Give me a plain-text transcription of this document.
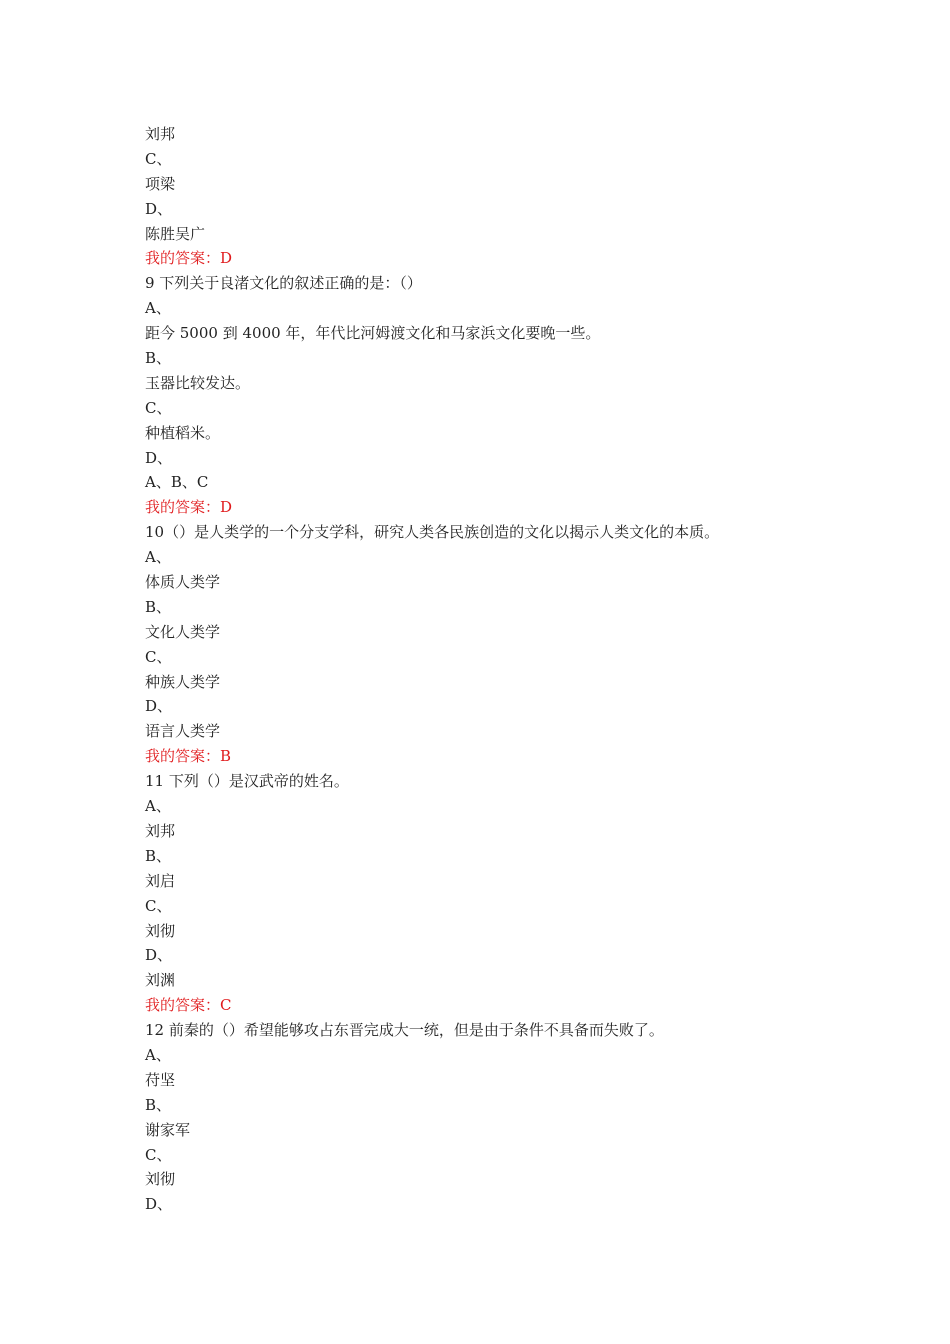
刘邦
C、
项梁
D、
陈胜吴广
我的答案：D
9 下列关于良渚文化的叙述正确的是：（）
A、
距今 5000 到 4000 年，年代比河姆渡文化和马家浜文化要晚一些。
B、
玉器比较发达。
C、
种植稻米。
D、
A、B、C
我的答案：D
10（）是人类学的一个分支学科，研究人类各民族创造的文化以揭示人类文化的本质。
A、
体质人类学
B、
文化人类学
C、
种族人类学
D、
语言人类学
我的答案：B
11 下列（）是汉武帝的姓名。
A、
刘邦
B、
刘启
C、
刘彻
D、
刘渊
我的答案：C
12 前秦的（）希望能够攻占东晋完成大一统，但是由于条件不具备而失败了。
A、
苻坚
B、
谢家军
C、
刘彻
D、
